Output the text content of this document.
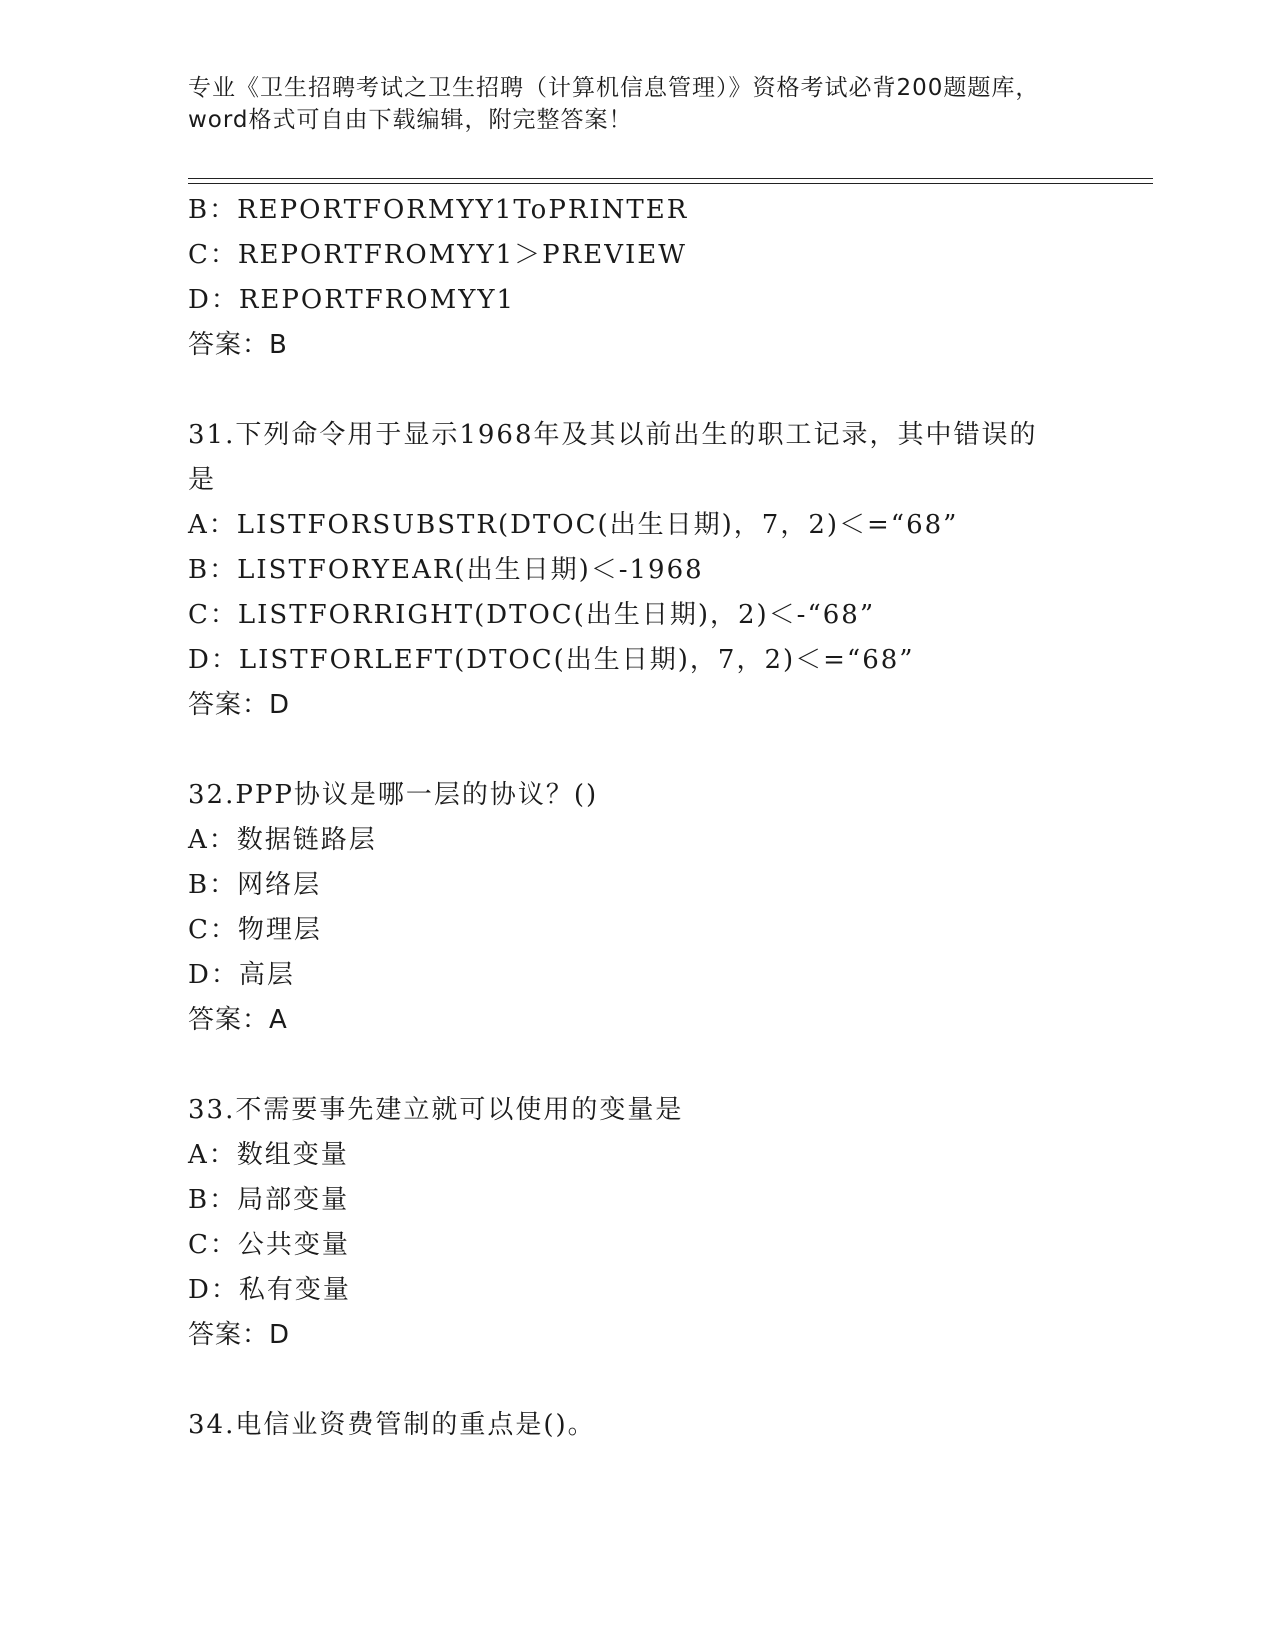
专业《卫生招聘考试之卫生招聘（计算机信息管理）》资格考试必背200题题库，
word格式可自由下载编辑，附完整答案！
B：REPORTFORMYY1ToPRINTER
C：REPORTFROMYY1＞PREVIEW
D：REPORTFROMYY1
答案：B
31.下列命令用于显示1968年及其以前出生的职工记录，其中错误的
是
A：LISTFORSUBSTR(DTOC(出生日期)，7，2)＜=“68”
B：LISTFORYEAR(出生日期)＜-1968
C：LISTFORRIGHT(DTOC(出生日期)，2)＜-“68”
D：LISTFORLEFT(DTOC(出生日期)，7，2)＜=“68”
答案：D
32.PPP协议是哪一层的协议？()
A：数据链路层
B：网络层
C：物理层
D：高层
答案：A
33.不需要事先建立就可以使用的变量是
A：数组变量
B：局部变量
C：公共变量
D：私有变量
答案：D
34.电信业资费管制的重点是()。
